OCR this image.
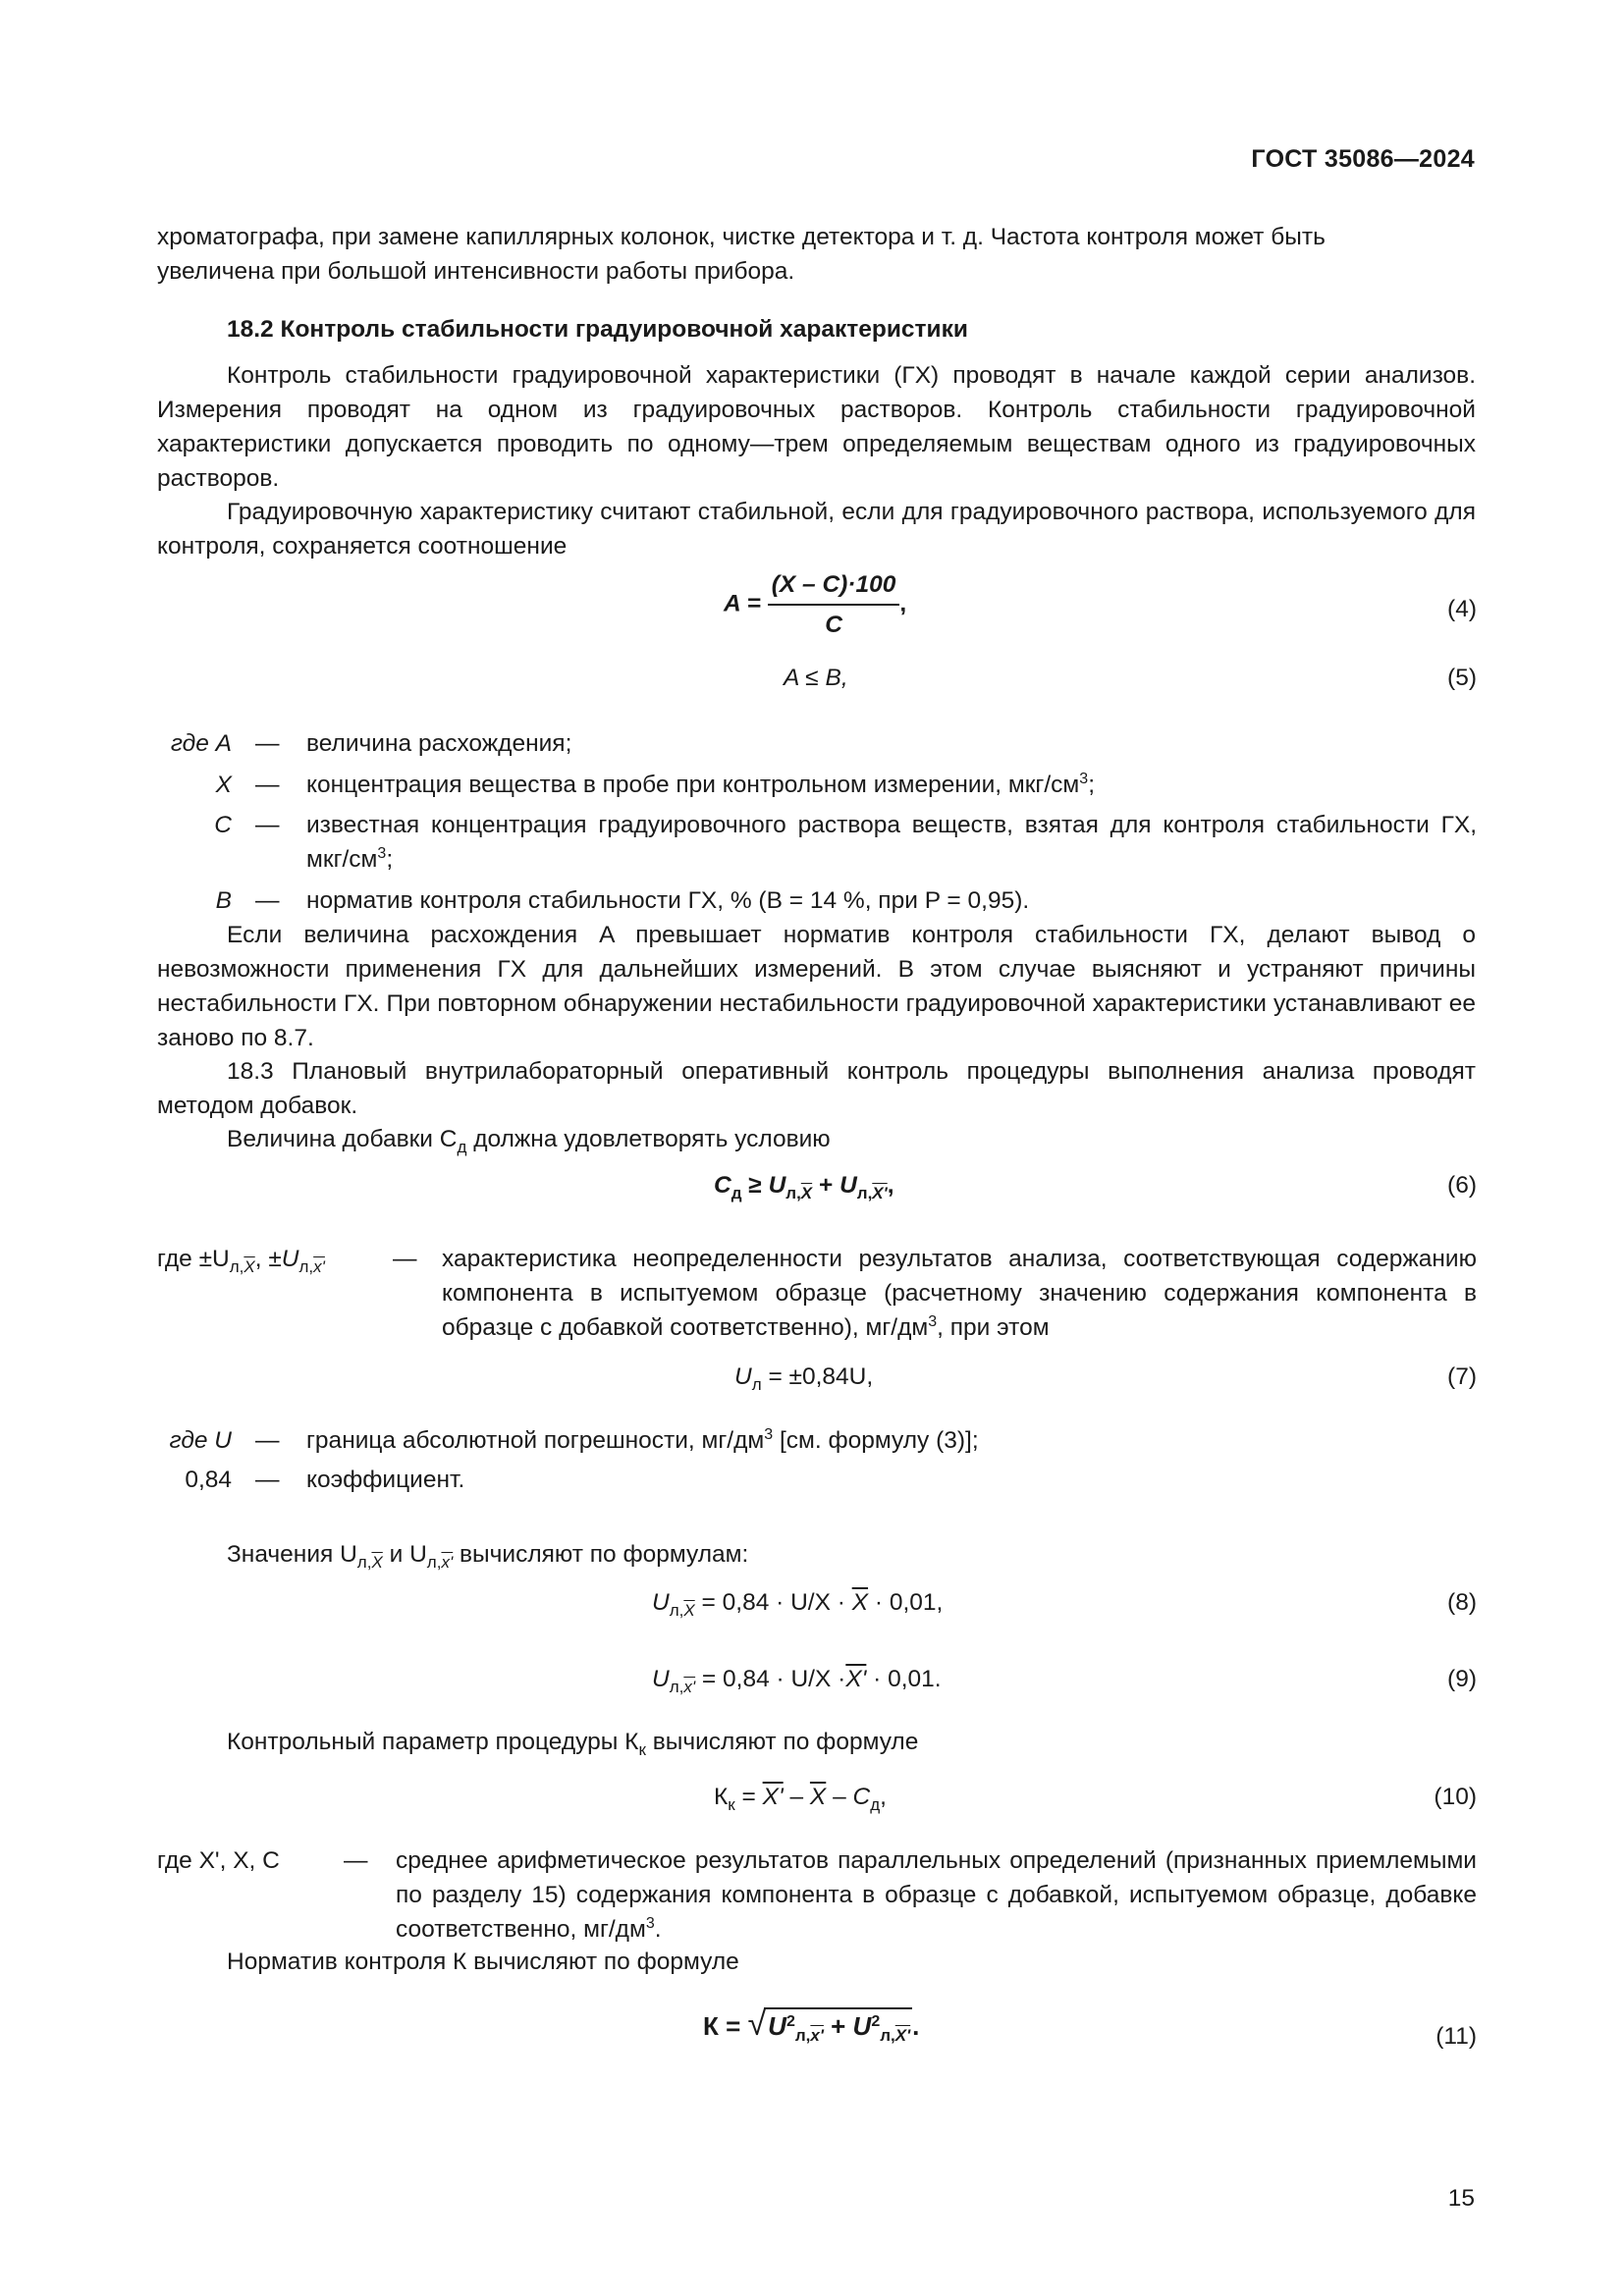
ГОСТ 35086—2024
хроматографа, при замене капиллярных колонок, чистке детектора и т. д. Частота контроля может быть
увеличена при большой интенсивности работы прибора.
18.2 Контроль стабильности градуировочной характеристики
Контроль стабильности градуировочной характеристики (ГХ) проводят в начале каждой серии анализов. Измерения проводят на одном из градуировочных растворов. Контроль стабильности градуировочной характеристики допускается проводить по одному—трем определяемым веществам одного из градуировочных растворов.
Градуировочную характеристику считают стабильной, если для градуировочного раствора, используемого для контроля, сохраняется соотношение
$A = \frac{(X - C)\cdot 100}{C}$ ,	(4)
A ≤ B,	(5)
где A — величина расхождения;
X — концентрация вещества в пробе при контрольном измерении, мкг/$см^3$;
C — известная концентрация градуировочного раствора веществ, взятая для контроля стабильности ГХ, мкг/$см^3$;
B — норматив контроля стабильности ГХ, % (B = 14 %, при P = 0,95).
Если величина расхождения A превышает норматив контроля стабильности ГХ, делают вывод о невозможности применения ГХ для дальнейших измерений. В этом случае выясняют и устраняют причины нестабильности ГХ. При повторном обнаружении нестабильности градуировочной характеристики устанавливают ее заново по 8.7.
18.3 Плановый внутрилабораторный оперативный контроль процедуры выполнения анализа проводят методом добавок.
Величина добавки $C_д$ должна удовлетворять условию
$C_д \ge U_{л,\overline{X}} + U_{л,X'}$,	(6)
где $\pm U_{л,\overline{X}}$, $\pm U_{л,x'}$	— характеристика неопределенности результатов анализа, соответствующая содержанию компонента в испытуемом образце (расчетному значению содержания компонента в образце с добавкой соответственно), $мг/дм^3$, при этом
$U_л = \pm 0,84U$,	(7)
где U — граница абсолютной погрешности, $мг/дм^3$ [см. формулу (3)];
0,84 — коэффициент.
Значения $U_{л,\overline{X}}$ и $U_{л,x'}$ вычисляют по формулам:
$U_{л,\overline{X}} = 0,84 \cdot U/X \cdot \overline{X} \cdot 0,01$,	(8)
$U_{л,x'} = 0,84 \cdot U/X \cdot X' \cdot 0,01$.	(9)
Контрольный параметр процедуры $К_к$ вычисляют по формуле
$К_к = X' - \overline{X} - C_д$,	(10)
где X', X, C	— среднее арифметическое результатов параллельных определений (признанных приемлемыми по разделу 15) содержания компонента в образце с добавкой, испытуемом образце, добавке соответственно, $мг/дм^3$.
Норматив контроля К вычисляют по формуле
$К = √U^2_{л,x'} + U^2_{л,X'}$.	(11)
15
